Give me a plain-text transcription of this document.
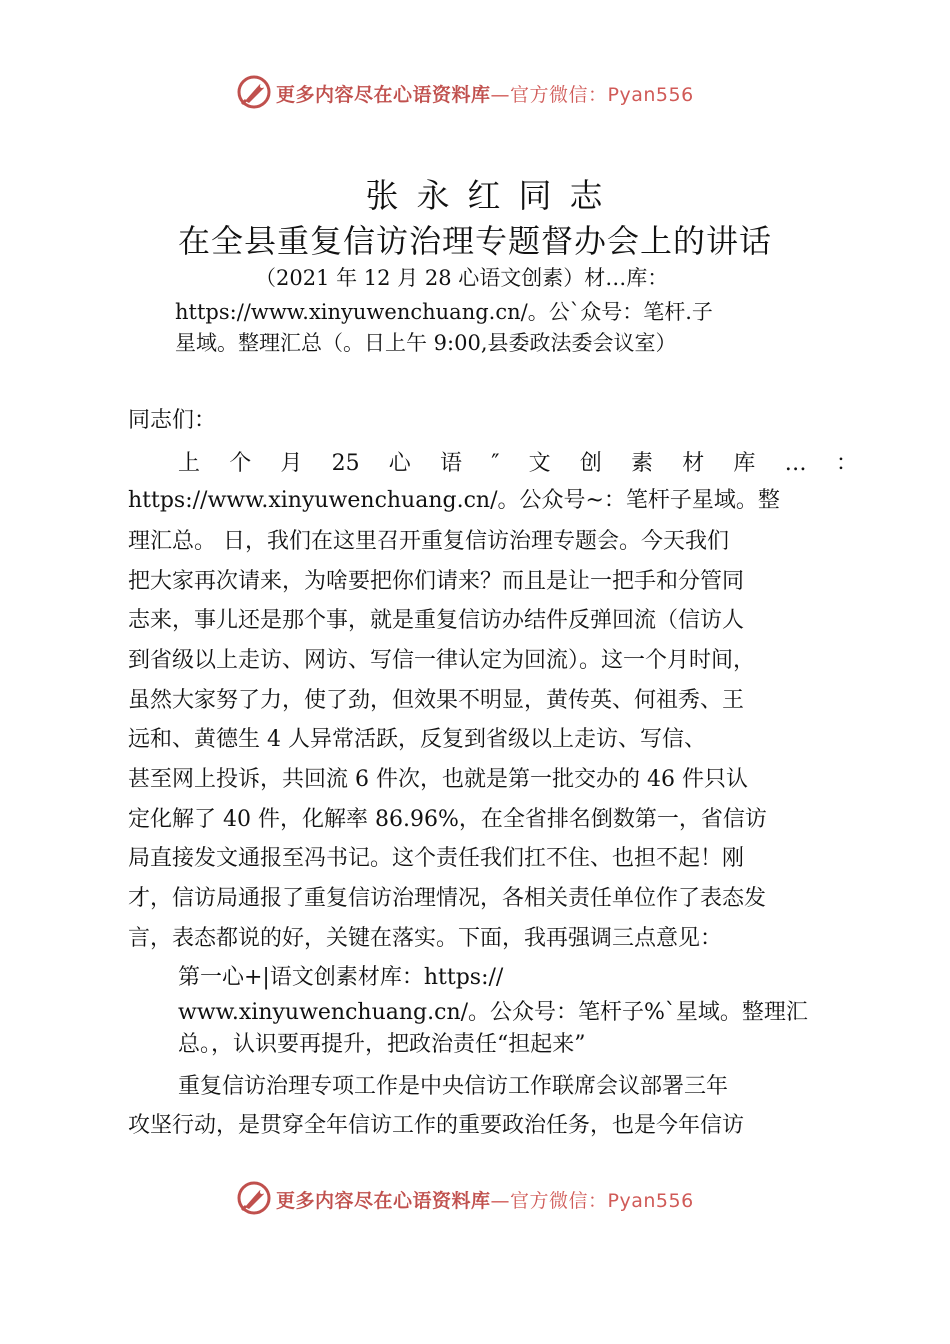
更多内容尽在心语资料库—官方微信：Pyan556
张永红同志
在全县重复信访治理专题督办会上的讲话
（2021 年 12 月 28 心语文创素）材…库：
https://www.xinyuwenchuang.cn/。公`众号：笔杆.子
星域。整理汇总（。日上午 9:00,县委政法委会议室）
同志们：
上 个 月 25 心 语 ″ 文 创 素 材 库 … ：
https://www.xinyuwenchuang.cn/。公众号~：笔杆子星域。整
理汇总。 日，我们在这里召开重复信访治理专题会。今天我们
把大家再次请来，为啥要把你们请来？而且是让一把手和分管同
志来，事儿还是那个事，就是重复信访办结件反弹回流（信访人
到省级以上走访、网访、写信一律认定为回流）。这一个月时间，
虽然大家努了力，使了劲，但效果不明显，黄传英、何祖秀、王
远和、黄德生 4 人异常活跃，反复到省级以上走访、写信、
甚至网上投诉，共回流 6 件次，也就是第一批交办的 46 件只认
定化解了 40 件，化解率 86.96%，在全省排名倒数第一，省信访
局直接发文通报至冯书记。这个责任我们扛不住、也担不起！刚
才，信访局通报了重复信访治理情况，各相关责任单位作了表态发
言，表态都说的好，关键在落实。下面，我再强调三点意见：
第一心+|语文创素材库：https://
www.xinyuwenchuang.cn/。公众号：笔杆子%`星域。整理汇
总。，认识要再提升，把政治责任“担起来”
重复信访治理专项工作是中央信访工作联席会议部署三年
攻坚行动，是贯穿全年信访工作的重要政治任务，也是今年信访
更多内容尽在心语资料库—官方微信：Pyan556
